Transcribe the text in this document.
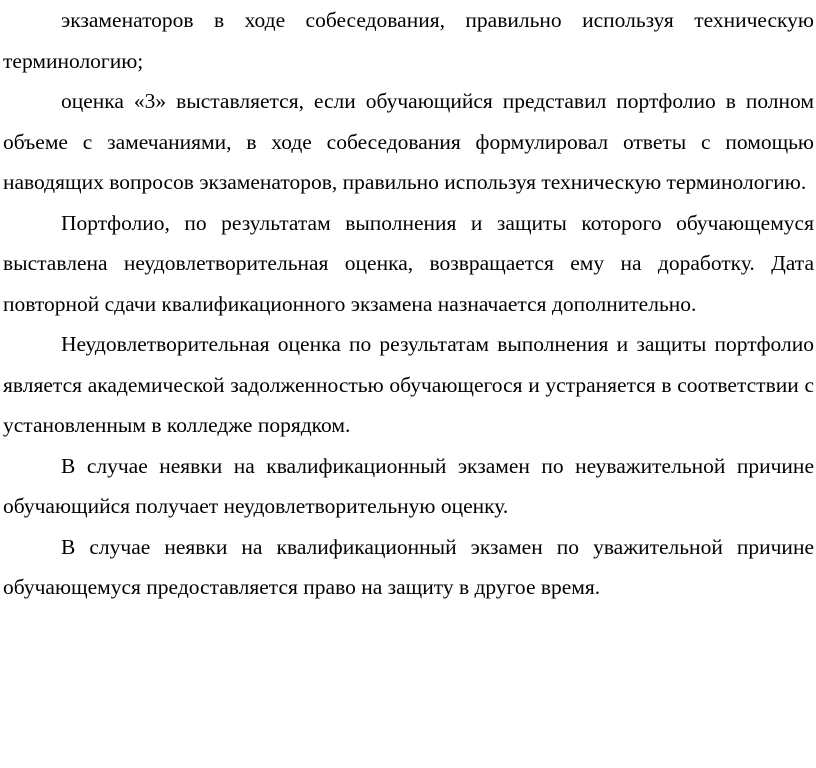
экзаменаторов в ходе собеседования, правильно используя техническую терминологию;

оценка «3» выставляется, если обучающийся представил портфолио в полном объеме с замечаниями, в ходе собеседования формулировал ответы с помощью наводящих вопросов экзаменаторов, правильно используя техническую терминологию.

Портфолио, по результатам выполнения и защиты которого обучающемуся выставлена неудовлетворительная оценка, возвращается ему на доработку. Дата повторной сдачи квалификационного экзамена назначается дополнительно.

Неудовлетворительная оценка по результатам выполнения и защиты портфолио является академической задолженностью обучающегося и устраняется в соответствии с установленным в колледже порядком.

В случае неявки на квалификационный экзамен по неуважительной причине обучающийся получает неудовлетворительную оценку.

В случае неявки на квалификационный экзамен по уважительной причине обучающемуся предоставляется право на защиту в другое время.
